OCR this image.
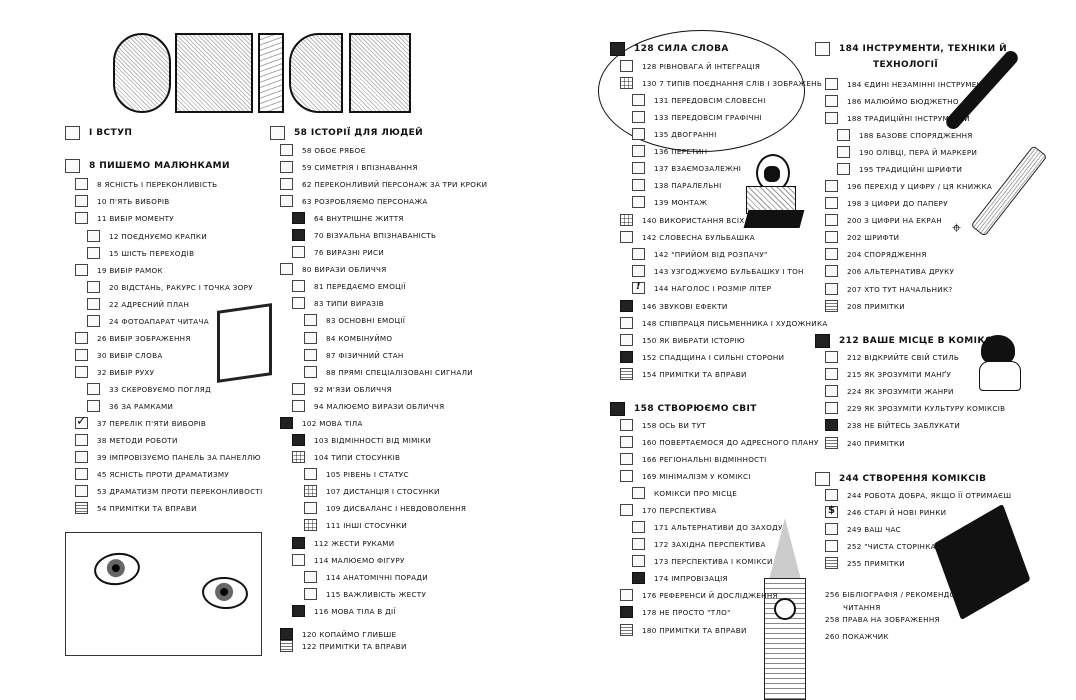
⌖
І ВСТУП
8 ПИШЕМО МАЛЮНКАМИ
8 ЯСНІСТЬ І ПЕРЕКОНЛИВІСТЬ
10 П'ЯТЬ ВИБОРІВ
11 ВИБІР МОМЕНТУ
12 ПОЄДНУЄМО КРАПКИ
15 ШІСТЬ ПЕРЕХОДІВ
19 ВИБІР РАМОК
20 ВІДСТАНЬ, РАКУРС І ТОЧКА ЗОРУ
22 АДРЕСНИЙ ПЛАН
24 ФОТОАПАРАТ ЧИТАЧА
26 ВИБІР ЗОБРАЖЕННЯ
30 ВИБІР СЛОВА
32 ВИБІР РУХУ
33 СКЕРОВУЄМО ПОГЛЯД
36 ЗА РАМКАМИ
✓
37 ПЕРЕЛІК П'ЯТИ ВИБОРІВ
38 МЕТОДИ РОБОТИ
39 ІМПРОВІЗУЄМО ПАНЕЛЬ ЗА ПАНЕЛЛЮ
45 ЯСНІСТЬ ПРОТИ ДРАМАТИЗМУ
53 ДРАМАТИЗМ ПРОТИ ПЕРЕКОНЛИВОСТІ
54 ПРИМІТКИ ТА ВПРАВИ
58 ІСТОРІЇ ДЛЯ ЛЮДЕЙ
58 ОБОЄ РЯБОЄ
59 СИМЕТРІЯ І ВПІЗНАВАННЯ
62 ПЕРЕКОНЛИВИЙ ПЕРСОНАЖ ЗА ТРИ КРОКИ
63 РОЗРОБЛЯЄМО ПЕРСОНАЖА
64 ВНУТРІШНЄ ЖИТТЯ
70 ВІЗУАЛЬНА ВПІЗНАВАНІСТЬ
76 ВИРАЗНІ РИСИ
80 ВИРАЗИ ОБЛИЧЧЯ
81 ПЕРЕДАЄМО ЕМОЦІЇ
83 ТИПИ ВИРАЗІВ
83 ОСНОВНІ ЕМОЦІЇ
84 КОМБІНУЙМО
87 ФІЗИЧНИЙ СТАН
88 ПРЯМІ СПЕЦІАЛІЗОВАНІ СИГНАЛИ
92 М'ЯЗИ ОБЛИЧЧЯ
94 МАЛЮЄМО ВИРАЗИ ОБЛИЧЧЯ
102 МОВА ТІЛА
103 ВІДМІННОСТІ ВІД МІМІКИ
104 ТИПИ СТОСУНКІВ
105 РІВЕНЬ І СТАТУС
107 ДИСТАНЦІЯ І СТОСУНКИ
109 ДИСБАЛАНС І НЕВДОВОЛЕННЯ
111 ІНШІ СТОСУНКИ
112 ЖЕСТИ РУКАМИ
114 МАЛЮЄМО ФІГУРУ
114 АНАТОМІЧНІ ПОРАДИ
115 ВАЖЛИВІСТЬ ЖЕСТУ
116 МОВА ТІЛА В ДІЇ
120 КОПАЙМО ГЛИБШЕ
122 ПРИМІТКИ ТА ВПРАВИ
128 СИЛА СЛОВА
128 РІВНОВАГА Й ІНТЕГРАЦІЯ
130 7 ТИПІВ ПОЄДНАННЯ СЛІВ І ЗОБРАЖЕНЬ
131 ПЕРЕДОВСІМ СЛОВЕСНІ
133 ПЕРЕДОВСІМ ГРАФІЧНІ
135 ДВОГРАННІ
136 ПЕРЕТИН
137 ВЗАЄМОЗАЛЕЖНІ
138 ПАРАЛЕЛЬНІ
139 МОНТАЖ
140 ВИКОРИСТАННЯ ВСІХ ТИПІВ
142 СЛОВЕСНА БУЛЬБАШКА
142 "ПРИЙОМ ВІД РОЗПАЧУ"
143 УЗГОДЖУЄМО БУЛЬБАШКУ І ТОН
!
144 НАГОЛОС І РОЗМІР ЛІТЕР
146 ЗВУКОВІ ЕФЕКТИ
148 СПІВПРАЦЯ ПИСЬМЕННИКА І ХУДОЖНИКА
150 ЯК ВИБРАТИ ІСТОРІЮ
152 СПАДЩИНА І СИЛЬНІ СТОРОНИ
154 ПРИМІТКИ ТА ВПРАВИ
158 СТВОРЮЄМО СВІТ
158 ОСЬ ВИ ТУТ
160 ПОВЕРТАЄМОСЯ ДО АДРЕСНОГО ПЛАНУ
166 РЕГІОНАЛЬНІ ВІДМІННОСТІ
169 МІНІМАЛІЗМ У КОМІКСІ
КОМІКСИ ПРО МІСЦЕ
170 ПЕРСПЕКТИВА
171 АЛЬТЕРНАТИВИ ДО ЗАХОДУ
172 ЗАХІДНА ПЕРСПЕКТИВА
173 ПЕРСПЕКТИВА І КОМІКСИ
174 ІМПРОВІЗАЦІЯ
176 РЕФЕРЕНСИ Й ДОСЛІДЖЕННЯ
178 НЕ ПРОСТО "ТЛО"
180 ПРИМІТКИ ТА ВПРАВИ
184 ІНСТРУМЕНТИ, ТЕХНІКИ Й
ТЕХНОЛОГІЇ
184 ЄДИНІ НЕЗАМІННІ ІНСТРУМЕНТИ
186 МАЛЮЙМО БЮДЖЕТНО
188 ТРАДИЦІЙНІ ІНСТРУМЕНТИ
188 БАЗОВЕ СПОРЯДЖЕННЯ
190 ОЛІВЦІ, ПЕРА Й МАРКЕРИ
195 ТРАДИЦІЙНІ ШРИФТИ
196 ПЕРЕХІД У ЦИФРУ / ЦЯ КНИЖКА
198 З ЦИФРИ ДО ПАПЕРУ
200 З ЦИФРИ НА ЕКРАН
202 ШРИФТИ
204 СПОРЯДЖЕННЯ
206 АЛЬТЕРНАТИВА ДРУКУ
207 ХТО ТУТ НАЧАЛЬНИК?
208 ПРИМІТКИ
212 ВАШЕ МІСЦЕ В КОМІКСАХ
212 ВІДКРИЙТЕ СВІЙ СТИЛЬ
215 ЯК ЗРОЗУМІТИ МАНҐУ
224 ЯК ЗРОЗУМІТИ ЖАНРИ
229 ЯК ЗРОЗУМІТИ КУЛЬТУРУ КОМІКСІВ
238 НЕ БІЙТЕСЬ ЗАБЛУКАТИ
240 ПРИМІТКИ
244 СТВОРЕННЯ КОМІКСІВ
244 РОБОТА ДОБРА, ЯКЩО ЇЇ ОТРИМАЄШ
$
246 СТАРІ Й НОВІ РИНКИ
249 ВАШ ЧАС
252 "ЧИСТА СТОРІНКА"
255 ПРИМІТКИ
256 БІБЛІОГРАФІЯ / РЕКОМЕНДОВАНЕ
ЧИТАННЯ
258 ПРАВА НА ЗОБРАЖЕННЯ
260 ПОКАЖЧИК
